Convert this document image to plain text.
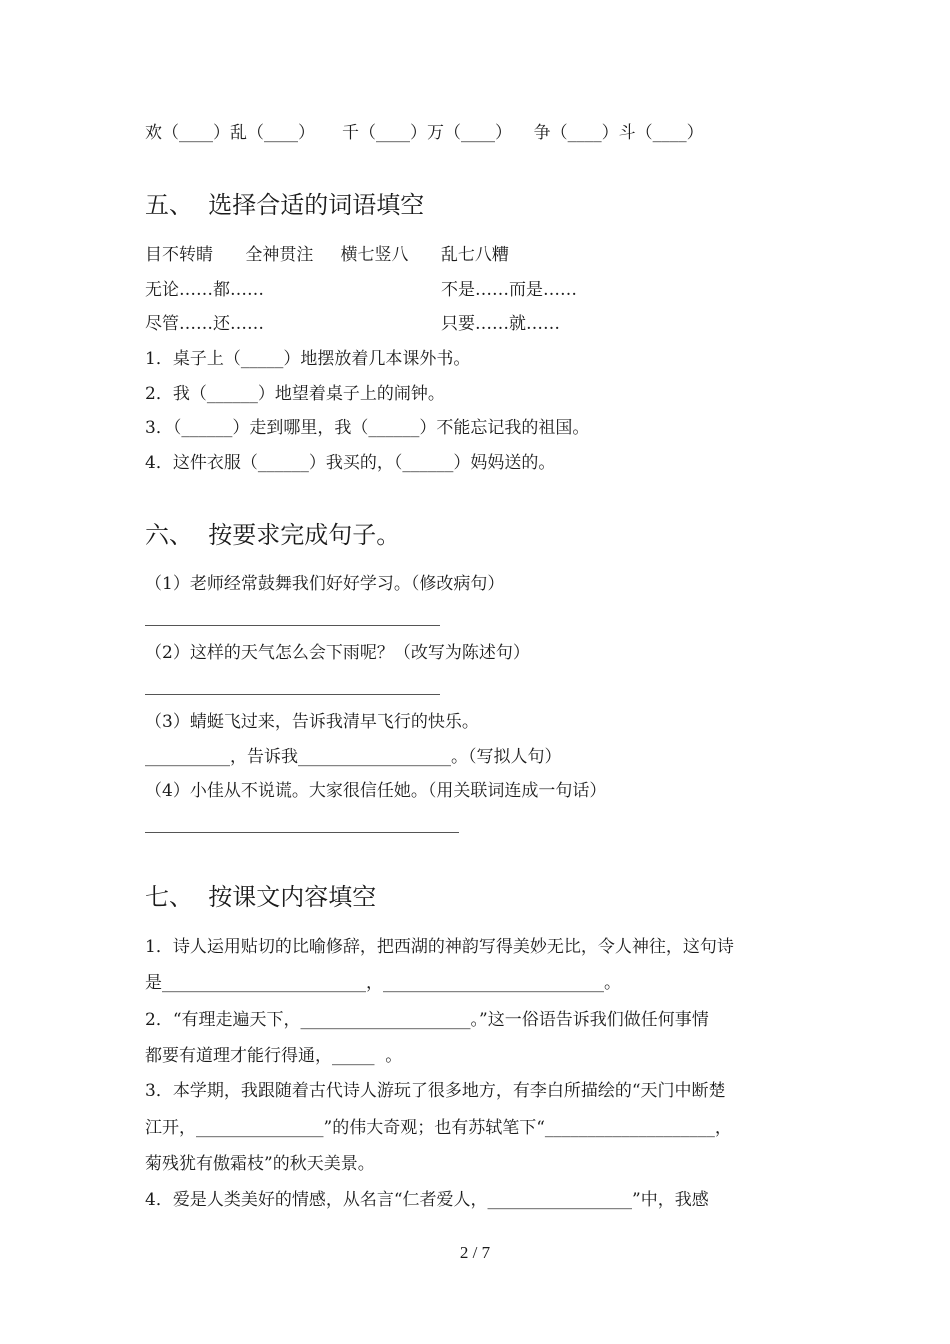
欢（____）乱（____）     千（____）万（____）    争（____）斗（____）
五、  选择合适的词语填空
目不转睛      全神贯注     横七竖八      乱七八糟
无论……都……	不是……而是……
尽管……还……	只要……就……
1．桌子上（_____）地摆放着几本课外书。
2．我（______）地望着桌子上的闹钟。
3．（______）走到哪里，我（______）不能忘记我的祖国。
4．这件衣服（______）我买的，（______）妈妈送的。
六、  按要求完成句子。
（1）老师经常鼓舞我们好好学习。（修改病句）
（2）这样的天气怎么会下雨呢？（改写为陈述句）
（3）蜻蜓飞过来，告诉我清早飞行的快乐。
__________，告诉我__________________。（写拟人句）
（4）小佳从不说谎。大家很信任她。（用关联词连成一句话）
七、  按课文内容填空
1．诗人运用贴切的比喻修辞，把西湖的神韵写得美妙无比，令人神往，这句诗
是________________________，__________________________。
2．“有理走遍天下，____________________。”这一俗语告诉我们做任何事情
都要有道理才能行得通，_____  。
3．本学期，我跟随着古代诗人游玩了很多地方，有李白所描绘的“天门中断楚
江开，_______________”的伟大奇观；也有苏轼笔下“____________________，
菊残犹有傲霜枝”的秋天美景。
4．爱是人类美好的情感，从名言“仁者爱人，_________________”中，我感
2 / 7
